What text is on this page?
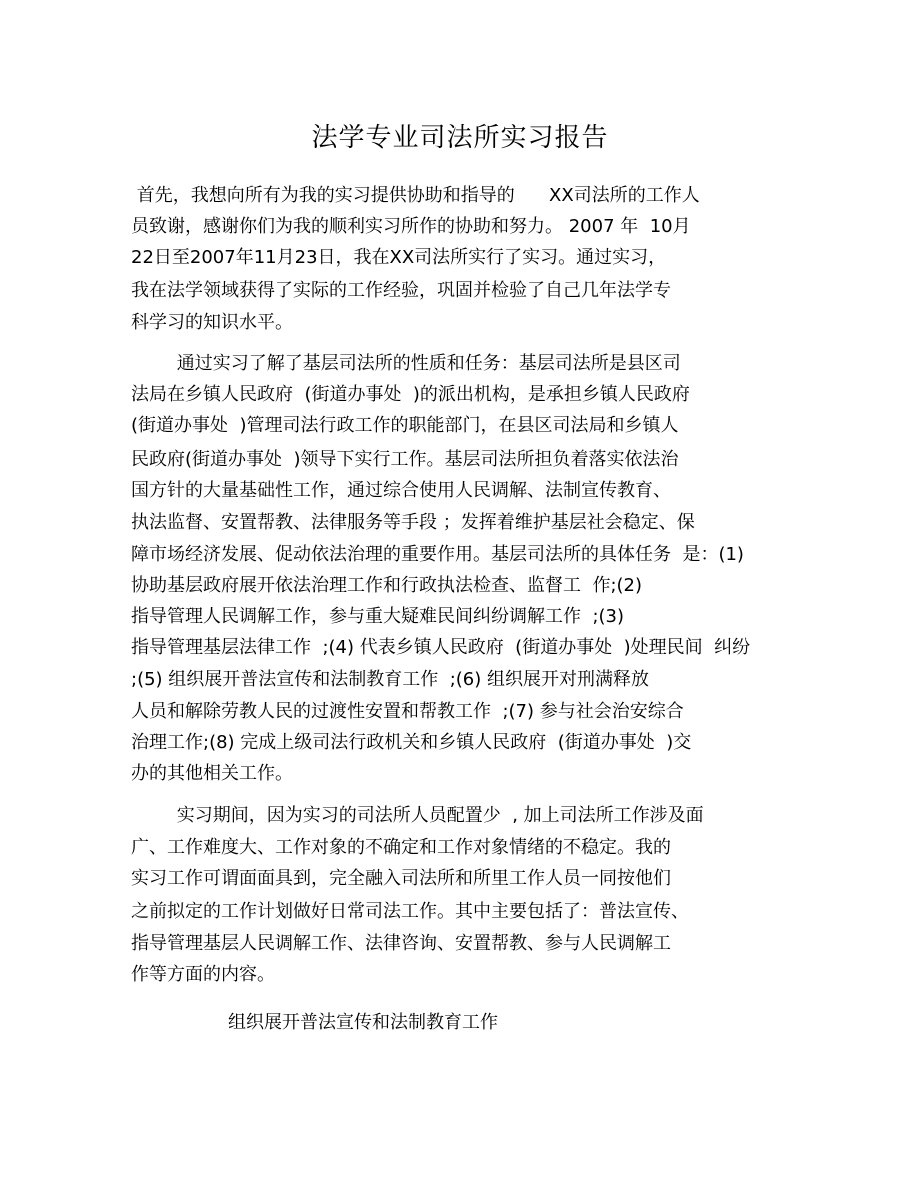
法学专业司法所实习报告
首先，我想向所有为我的实习提供协助和指导的      XX司法所的工作人
员致谢，感谢你们为我的顺利实习所作的协助和努力。 2007 年  10月
22日至2007年11月23日，我在XX司法所实行了实习。通过实习，
我在法学领域获得了实际的工作经验，巩固并检验了自己几年法学专
科学习的知识水平。
通过实习了解了基层司法所的性质和任务：基层司法所是县区司
法局在乡镇人民政府  (街道办事处  )的派出机构，是承担乡镇人民政府
(街道办事处  )管理司法行政工作的职能部门，在县区司法局和乡镇人
民政府(街道办事处  )领导下实行工作。基层司法所担负着落实依法治
国方针的大量基础性工作，通过综合使用人民调解、法制宣传教育、
执法监督、安置帮教、法律服务等手段 ；发挥着维护基层社会稳定、保
障市场经济发展、促动依法治理的重要作用。基层司法所的具体任务  是：(1)
协助基层政府展开依法治理工作和行政执法检查、监督工  作;(2)
指导管理人民调解工作，参与重大疑难民间纠纷调解工作  ;(3)
指导管理基层法律工作  ;(4) 代表乡镇人民政府  (街道办事处  )处理民间  纠纷
;(5) 组织展开普法宣传和法制教育工作  ;(6) 组织展开对刑满释放
人员和解除劳教人民的过渡性安置和帮教工作  ;(7) 参与社会治安综合
治理工作;(8) 完成上级司法行政机关和乡镇人民政府  (街道办事处  )交
办的其他相关工作。
实习期间，因为实习的司法所人员配置少  , 加上司法所工作涉及面
广、工作难度大、工作对象的不确定和工作对象情绪的不稳定。我的
实习工作可谓面面具到，完全融入司法所和所里工作人员一同按他们
之前拟定的工作计划做好日常司法工作。其中主要包括了：普法宣传、
指导管理基层人民调解工作、法律咨询、安置帮教、参与人民调解工
作等方面的内容。
组织展开普法宣传和法制教育工作
